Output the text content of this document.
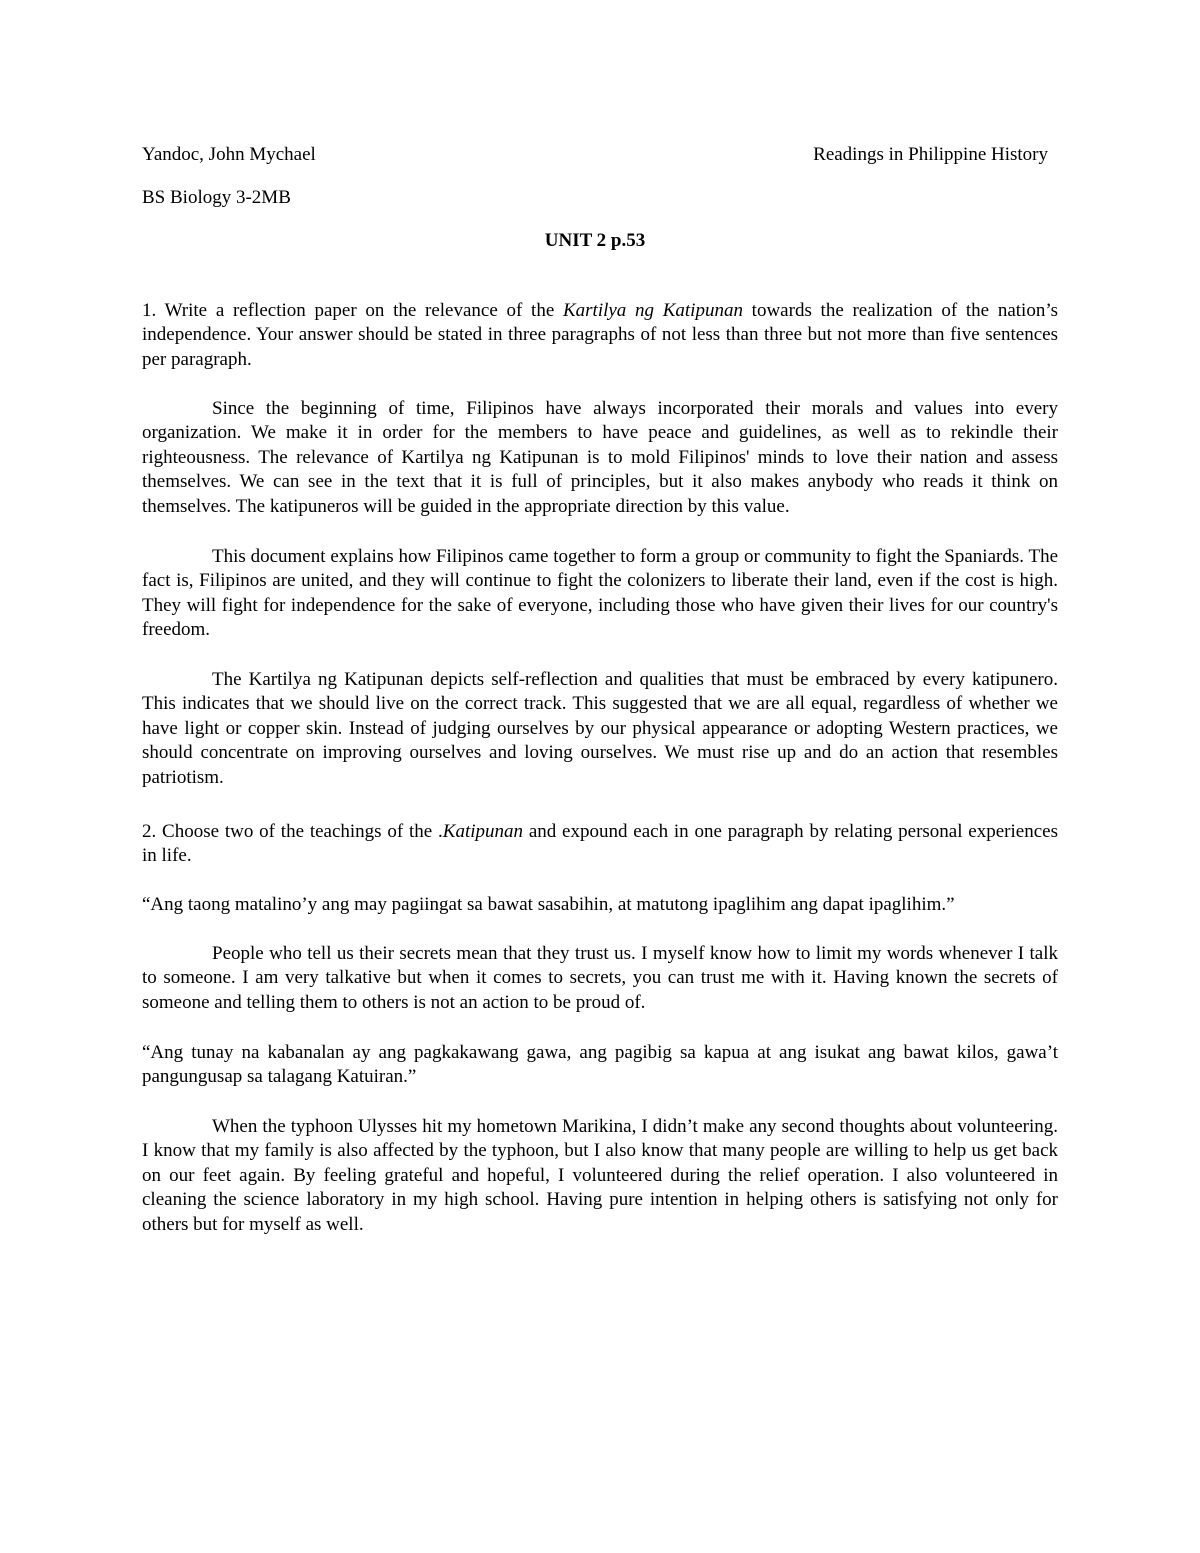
Yandoc, John Mychael	Readings in Philippine History
BS Biology 3-2MB
UNIT 2 p.53

1. Write a reflection paper on the relevance of the Kartilya ng Katipunan towards the realization of the nation’s independence. Your answer should be stated in three paragraphs of not less than three but not more than five sentences per paragraph.

Since the beginning of time, Filipinos have always incorporated their morals and values into every organization. We make it in order for the members to have peace and guidelines, as well as to rekindle their righteousness. The relevance of Kartilya ng Katipunan is to mold Filipinos' minds to love their nation and assess themselves. We can see in the text that it is full of principles, but it also makes anybody who reads it think on themselves. The katipuneros will be guided in the appropriate direction by this value.

This document explains how Filipinos came together to form a group or community to fight the Spaniards. The fact is, Filipinos are united, and they will continue to fight the colonizers to liberate their land, even if the cost is high. They will fight for independence for the sake of everyone, including those who have given their lives for our country's freedom.

The Kartilya ng Katipunan depicts self-reflection and qualities that must be embraced by every katipunero. This indicates that we should live on the correct track. This suggested that we are all equal, regardless of whether we have light or copper skin. Instead of judging ourselves by our physical appearance or adopting Western practices, we should concentrate on improving ourselves and loving ourselves. We must rise up and do an action that resembles patriotism.

2. Choose two of the teachings of the .Katipunan and expound each in one paragraph by relating personal experiences in life.

“Ang taong matalino’y ang may pagiingat sa bawat sasabihin, at matutong ipaglihim ang dapat ipaglihim.”

People who tell us their secrets mean that they trust us. I myself know how to limit my words whenever I talk to someone. I am very talkative but when it comes to secrets, you can trust me with it. Having known the secrets of someone and telling them to others is not an action to be proud of.

“Ang tunay na kabanalan ay ang pagkakawang gawa, ang pagibig sa kapua at ang isukat ang bawat kilos, gawa’t pangungusap sa talagang Katuiran.”

When the typhoon Ulysses hit my hometown Marikina, I didn’t make any second thoughts about volunteering. I know that my family is also affected by the typhoon, but I also know that many people are willing to help us get back on our feet again. By feeling grateful and hopeful, I volunteered during the relief operation. I also volunteered in cleaning the science laboratory in my high school. Having pure intention in helping others is satisfying not only for others but for myself as well.
